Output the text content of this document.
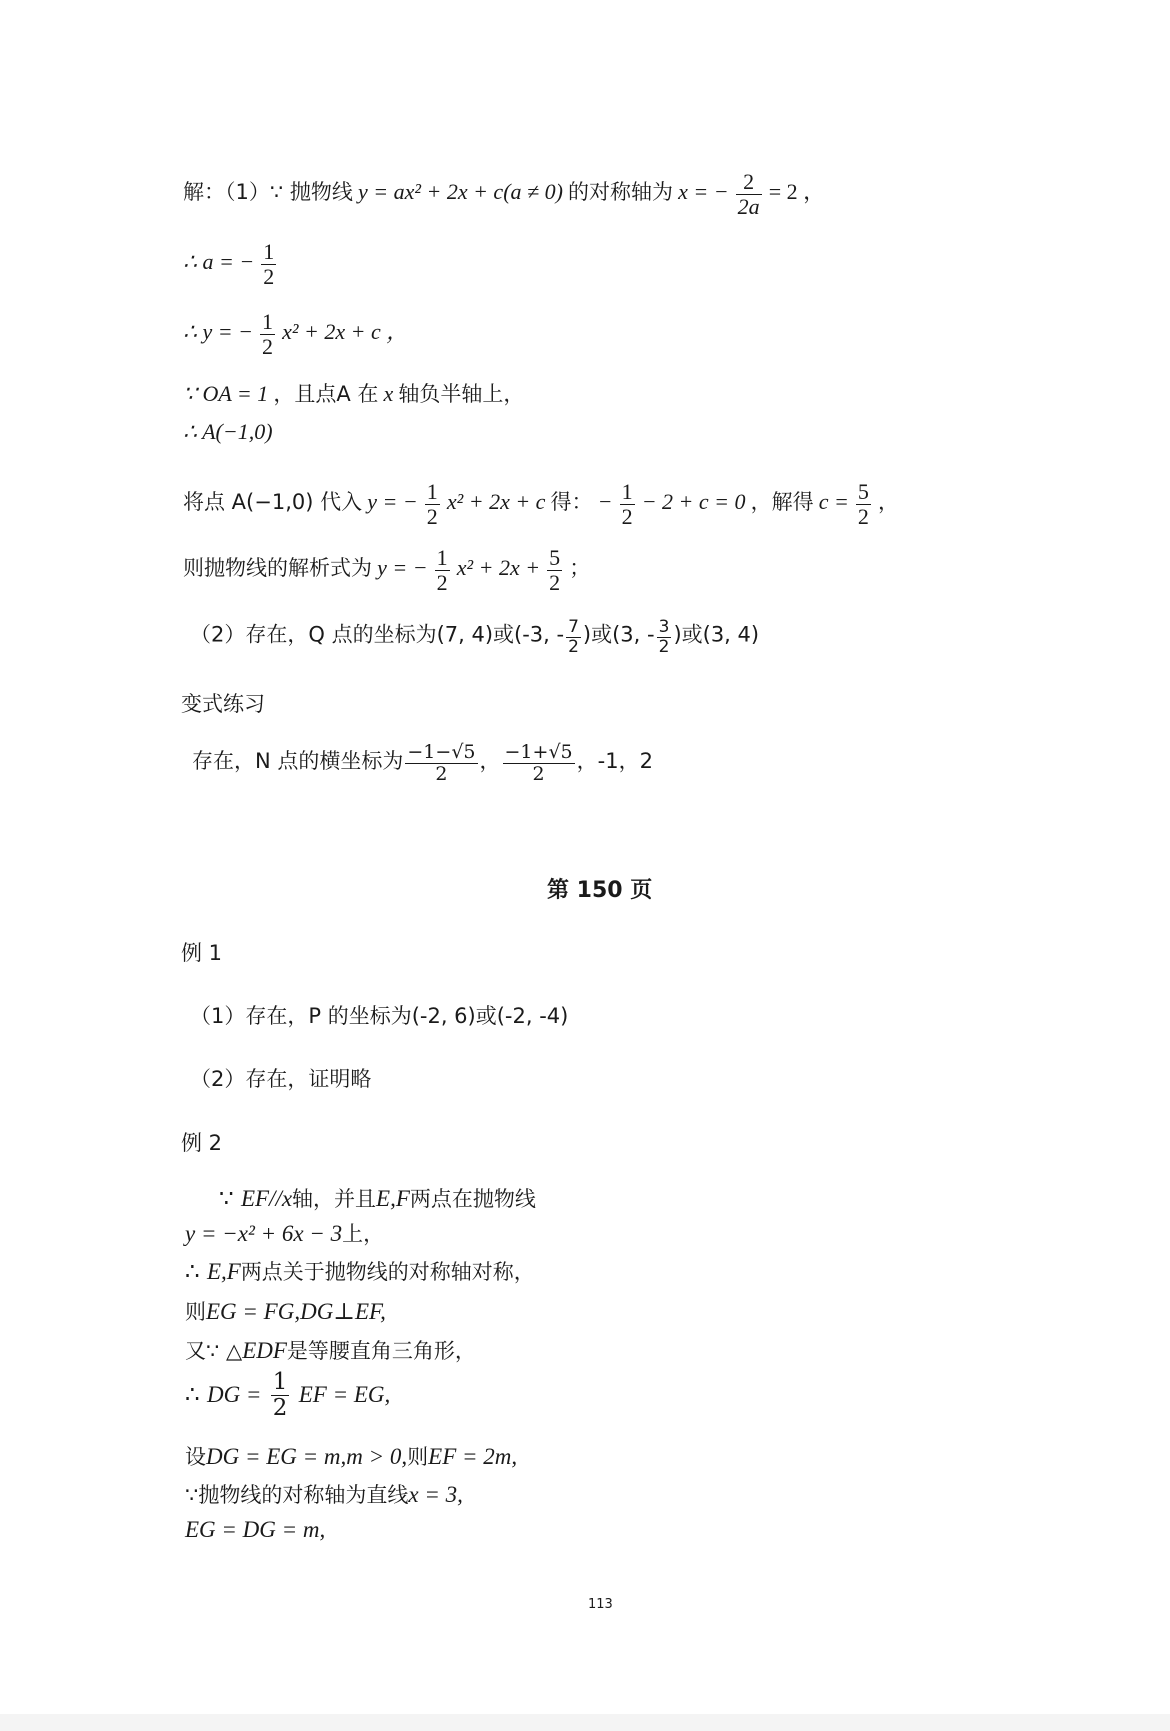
解：（1）∵ 抛物线 y = ax² + 2x + c(a ≠ 0) 的对称轴为 x = − $\frac{2}{2a} = 2$ ，
∴ a = − $\frac{1}{2}$
∴ y = − $\frac{1}{2} x^2 + 2x + c$ ，
∵ OA = 1 ，且点A 在 x 轴负半轴上，
∴ A(−1,0)
将点 A(−1,0) 代入 y = − $\frac{1}{2} x^2 + 2x + c$ 得： − $\frac{1}{2} - 2 + c = 0$ ，解得 $c = \frac{5}{2}$ ，
则抛物线的解析式为 y = − $\frac{1}{2} x^2 + 2x + \frac{5}{2}$ ；
（2）存在，Q 点的坐标为(7, 4)或(-3, - $\frac{7}{2}$ )或(3, - $\frac{3}{2}$ )或(3, 4)
变式练习
存在，N 点的横坐标为 $\frac{-1-√5}{2}$ ， $\frac{-1+√5}{2}$ ，-1，2
第 150 页
例 1
（1）存在，P 的坐标为(-2, 6)或(-2, -4)
（2）存在，证明略
例 2
∵ EF//x轴，并且E,F两点在抛物线
y = −x² + 6x − 3上，
∴ E,F两点关于抛物线的对称轴对称，
则EG = FG,DG⊥EF,
又∵ △EDF是等腰直角三角形，
∴ DG = $\frac{1}{2}$ EF = EG,
设DG = EG = m,m > 0,则EF = 2m,
∵抛物线的对称轴为直线x = 3,
EG = DG = m,
113
